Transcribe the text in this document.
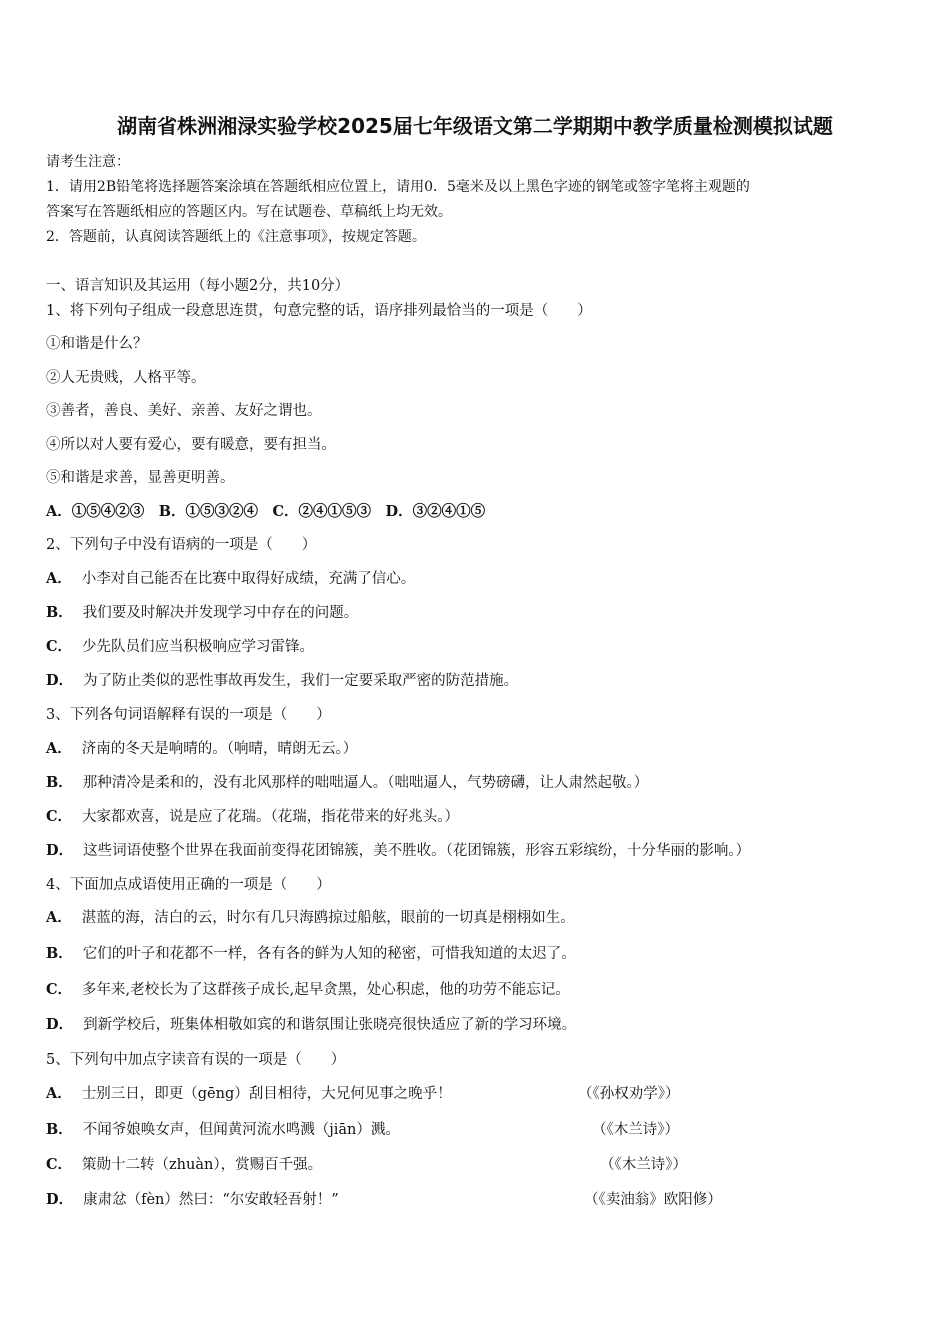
湖南省株洲湘渌实验学校2025届七年级语文第二学期期中教学质量检测模拟试题
请考生注意：
1．请用2B铅笔将选择题答案涂填在答题纸相应位置上，请用0．5毫米及以上黑色字迹的钢笔或签字笔将主观题的
答案写在答题纸相应的答题区内。写在试题卷、草稿纸上均无效。
2．答题前，认真阅读答题纸上的《注意事项》，按规定答题。
一、语言知识及其运用（每小题2分，共10分）
1、将下列句子组成一段意思连贯，句意完整的话，语序排列最恰当的一项是（　　）
①和谐是什么？
②人无贵贱，人格平等。
③善者，善良、美好、亲善、友好之谓也。
④所以对人要有爱心，要有暖意，要有担当。
⑤和谐是求善，显善更明善。
A．①⑤④②③　B．①⑤③②④　C．②④①⑤③　D．③②④①⑤
2、下列句子中没有语病的一项是（　　）
A． 小李对自己能否在比赛中取得好成绩，充满了信心。
B． 我们要及时解决并发现学习中存在的问题。
C． 少先队员们应当积极响应学习雷锋。
D． 为了防止类似的恶性事故再发生，我们一定要采取严密的防范措施。
3、下列各句词语解释有误的一项是（　　）
A． 济南的冬天是响晴的。（响晴，晴朗无云。）
B． 那种清冷是柔和的，没有北风那样的咄咄逼人。（咄咄逼人，气势磅礴，让人肃然起敬。）
C． 大家都欢喜，说是应了花瑞。（花瑞，指花带来的好兆头。）
D． 这些词语使整个世界在我面前变得花团锦簇，美不胜收。（花团锦簇，形容五彩缤纷，十分华丽的影响。）
4、下面加点成语使用正确的一项是（　　）
A． 湛蓝的海，洁白的云，时尔有几只海鸥掠过船舷，眼前的一切真是栩栩如生。
B． 它们的叶子和花都不一样，各有各的鲜为人知的秘密，可惜我知道的太迟了。
C． 多年来,老校长为了这群孩子成长,起早贪黑，处心积虑，他的功劳不能忘记。
D． 到新学校后，班集体相敬如宾的和谐氛围让张晓亮很快适应了新的学习环境。
5、下列句中加点字读音有误的一项是（　　）
A． 士别三日，即更（gēng）刮目相待，大兄何见事之晚乎！	（《孙权劝学》）
B． 不闻爷娘唤女声，但闻黄河流水鸣溅（jiān）溅。	（《木兰诗》）
C． 策勋十二转（zhuàn），赏赐百千强。	（《木兰诗》）
D． 康肃忿（fèn）然曰：“尔安敢轻吾射！”	（《卖油翁》欧阳修）
